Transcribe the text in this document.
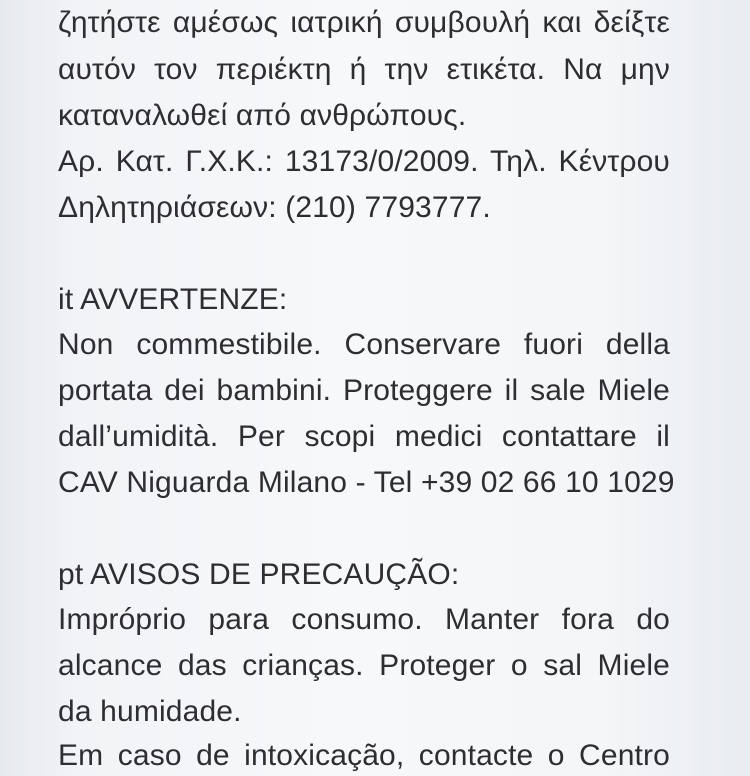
ζητήστε αμέσως ιατρική συμβουλή και δείξτε
αυτόν τον περιέκτη ή την ετικέτα. Να μην
καταναλωθεί από ανθρώπους.
Αρ. Κατ. Γ.Χ.Κ.: 13173/0/2009. Τηλ. Κέντρου
Δηλητηριάσεων: (210) 7793777.
it AVVERTENZE:
Non commestibile. Conservare fuori della
portata dei bambini. Proteggere il sale Miele
dall’umidità. Per scopi medici contattare il
CAV Niguarda Milano - Tel +39 02 66 10 1029
pt AVISOS DE PRECAUÇÃO:
Impróprio para consumo. Manter fora do
alcance das crianças. Proteger o sal Miele
da humidade.
Em caso de intoxicação, contacte o Centro
